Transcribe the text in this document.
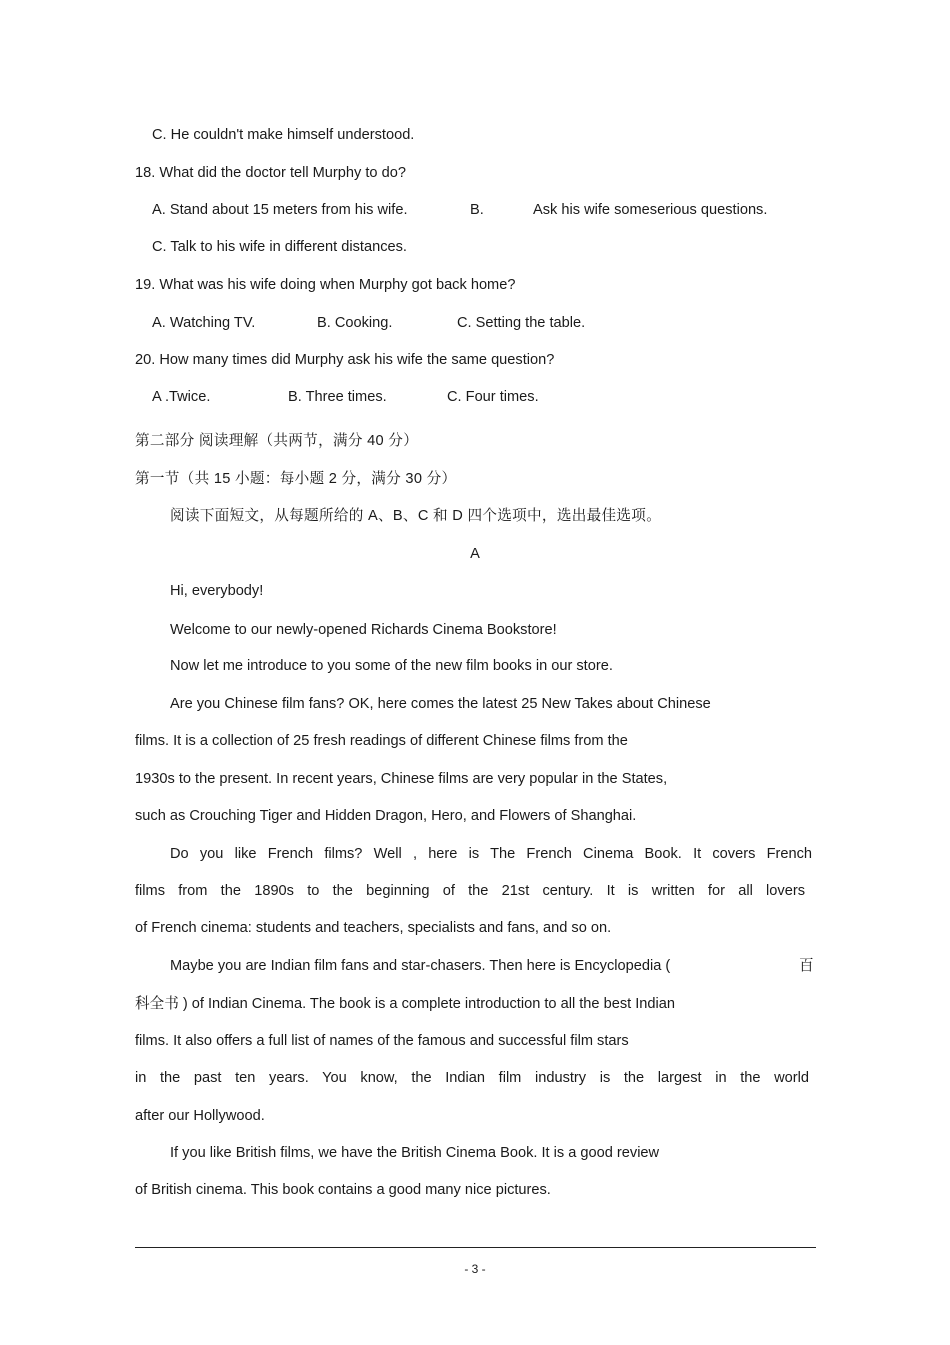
C. He couldn't make himself understood.
18. What did the doctor tell Murphy to do?
A. Stand about 15 meters from his wife.	B.	Ask his wife someserious questions.
C. Talk to his wife in different distances.
19. What was his wife doing when Murphy got back home?
A. Watching TV.	B. Cooking.	C. Setting the table.
20. How many times did Murphy ask his wife the same question?
A .Twice.	B. Three times.	C. Four times.
第二部分 阅读理解（共两节，满分 40 分）
第一节（共 15 小题：每小题 2 分，满分 30 分）
阅读下面短文，从每题所给的 A、B、C 和 D 四个选项中，选出最佳选项。
A
Hi, everybody!
Welcome to our newly-opened Richards Cinema Bookstore!
Now let me introduce to you some of the new film books in our store.
Are you Chinese film fans? OK, here comes the latest 25 New Takes about Chinese
films. It is a collection of 25 fresh readings of different Chinese films from the
1930s to the present. In recent years, Chinese films are very popular in the States,
such as Crouching Tiger and Hidden Dragon, Hero, and Flowers of Shanghai.
Do you like French films? Well , here is The French Cinema Book. It covers French
films from the 1890s to the beginning of the 21st century. It is written for all lovers
of French cinema: students and teachers, specialists and fans, and so on.
Maybe you are Indian film fans and star-chasers. Then here is Encyclopedia (	百
科全书 ) of Indian Cinema. The book is a complete introduction to all the best Indian
films. It also offers a full list of names of the famous and successful film stars
in the past ten years. You know, the Indian film industry is the largest in the world
after our Hollywood.
If you like British films, we have the British Cinema Book. It is a good review
of British cinema. This book contains a good many nice pictures.
- 3 -
